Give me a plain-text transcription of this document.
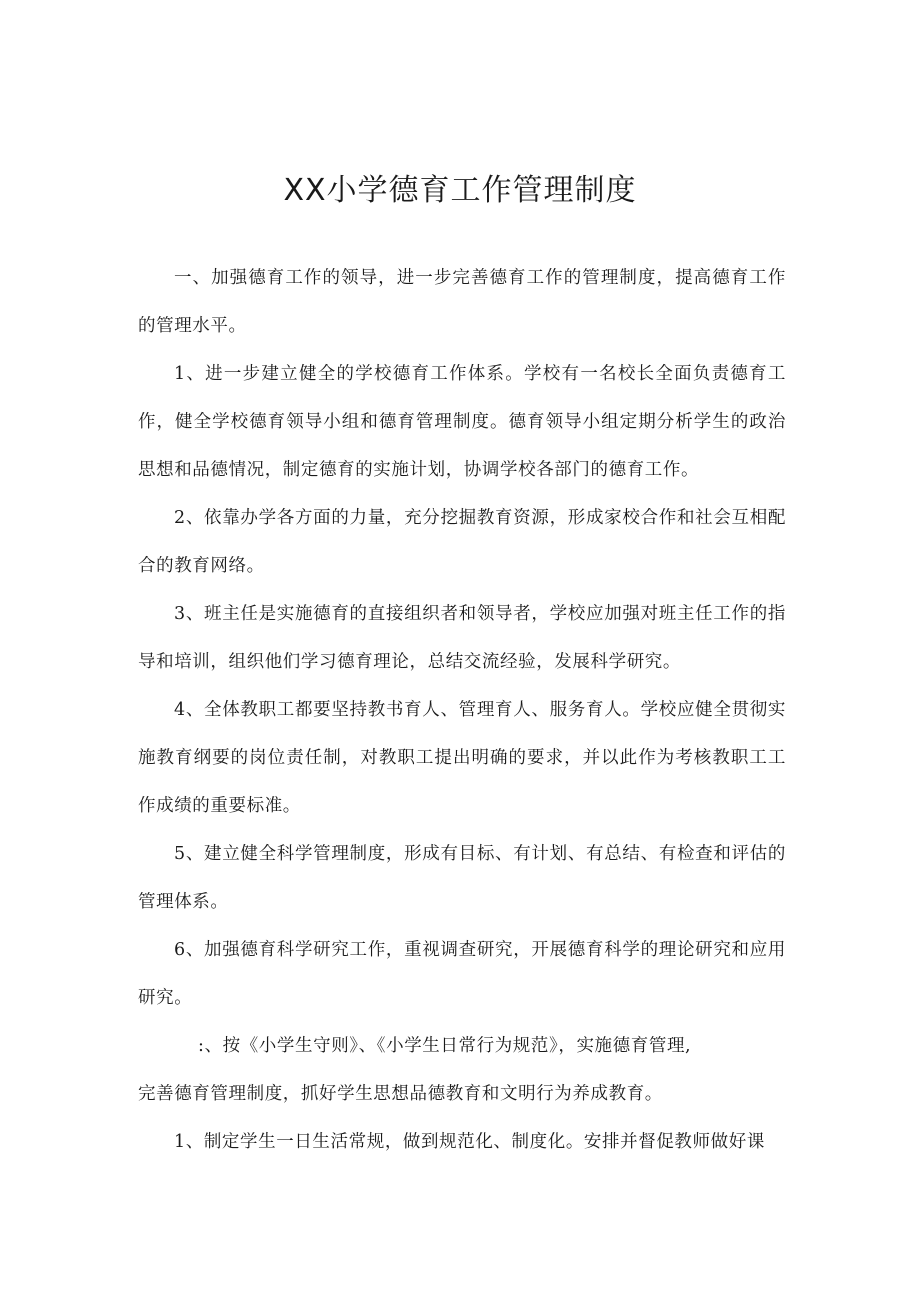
XX小学德育工作管理制度

一、加强德育工作的领导，进一步完善德育工作的管理制度，提高德育工作的管理水平。

1、进一步建立健全的学校德育工作体系。学校有一名校长全面负责德育工作，健全学校德育领导小组和德育管理制度。德育领导小组定期分析学生的政治思想和品德情况，制定德育的实施计划，协调学校各部门的德育工作。

2、依靠办学各方面的力量，充分挖掘教育资源，形成家校合作和社会互相配合的教育网络。

3、班主任是实施德育的直接组织者和领导者，学校应加强对班主任工作的指导和培训，组织他们学习德育理论，总结交流经验，发展科学研究。

4、全体教职工都要坚持教书育人、管理育人、服务育人。学校应健全贯彻实施教育纲要的岗位责任制，对教职工提出明确的要求，并以此作为考核教职工工作成绩的重要标准。

5、建立健全科学管理制度，形成有目标、有计划、有总结、有检查和评估的管理体系。

6、加强德育科学研究工作，重视调查研究，开展德育科学的理论研究和应用研究。

:、按《小学生守则》、《小学生日常行为规范》，实施德育管理,

完善德育管理制度，抓好学生思想品德教育和文明行为养成教育。

1、制定学生一日生活常规，做到规范化、制度化。安排并督促教师做好课
